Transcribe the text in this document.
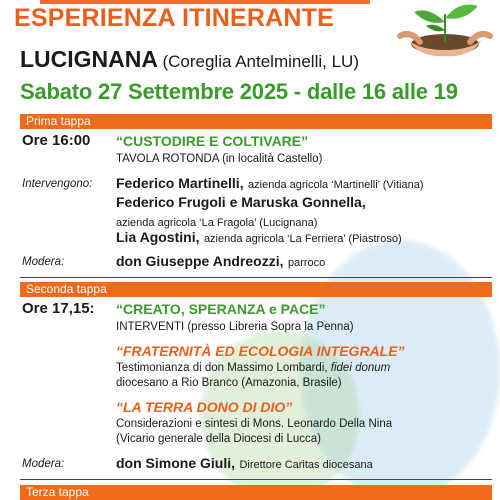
ESPERIENZA ITINERANTE
LUCIGNANA (Coreglia Antelminelli, LU)
Sabato 27 Settembre 2025 - dalle 16 alle 19
Prima tappa
Ore 16:00 “CUSTODIRE E COLTIVARE”
TAVOLA ROTONDA (in località Castello)
Intervengono: Federico Martinelli, azienda agricola ‘Martinelli’ (Vitiana)
Federico Frugoli e Maruska Gonnella,
azienda agricola ‘La Fragola’ (Lucignana)
Lia Agostini, azienda agricola ‘La Ferriera’ (Piastroso)
Modera:	don Giuseppe Andreozzi, parroco
Seconda tappa
Ore 17,15: “CREATO, SPERANZA e PACE”
INTERVENTI (presso Libreria Sopra la Penna)
“FRATERNITÀ ED ECOLOGIA INTEGRALE”
Testimonianza di don Massimo Lombardi, fidei donum
diocesano a Rio Branco (Amazonia, Brasile)
“LA TERRA DONO DI DIO”
Considerazioni e sintesi di Mons. Leonardo Della Nina
(Vicario generale della Diocesi di Lucca)
Modera:	don Simone Giuli, Direttore Caritas diocesana
Terza tappa
